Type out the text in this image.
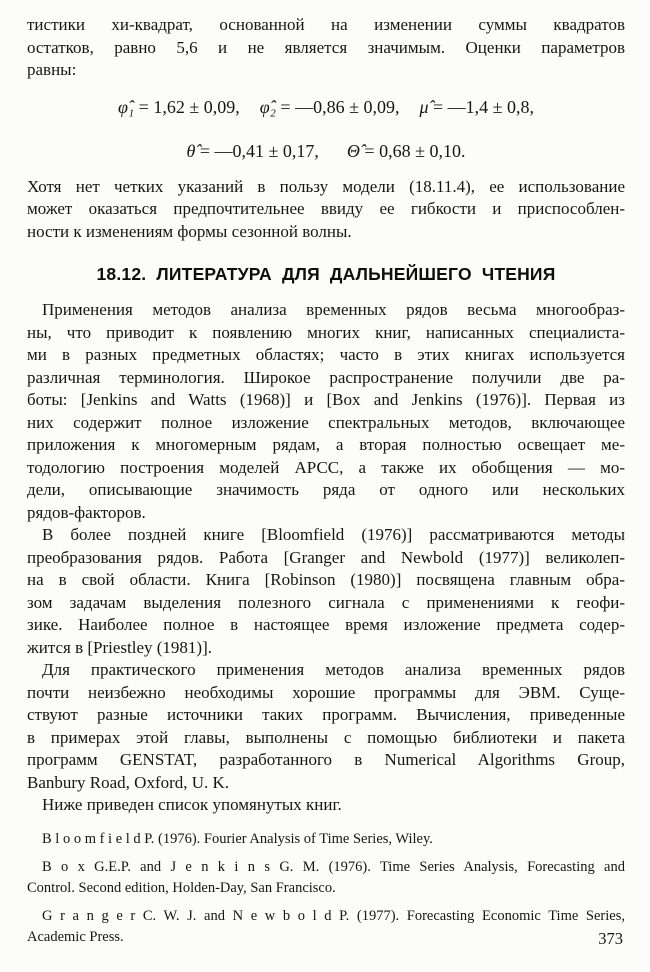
тистики хи-квадрат, основанной на изменении суммы квадратов
остатков, равно 5,6 и не является значимым. Оценки параметров
равны:
φ̂₁ = 1,62 ± 0,09, φ̂₂ = —0,86 ± 0,09, μ̂ = —1,4 ± 0,8,
θ̂ = —0,41 ± 0,17, Θ̂ = 0,68 ± 0,10.
Хотя нет четких указаний в пользу модели (18.11.4), ее использование
может оказаться предпочтительнее ввиду ее гибкости и приспособлен-
ности к изменениям формы сезонной волны.
18.12. ЛИТЕРАТУРА ДЛЯ ДАЛЬНЕЙШЕГО ЧТЕНИЯ
Применения методов анализа временных рядов весьма многообраз-
ны, что приводит к появлению многих книг, написанных специалиста-
ми в разных предметных областях; часто в этих книгах используется
различная терминология. Широкое распространение получили две ра-
боты: [Jenkins and Watts (1968)] и [Box and Jenkins (1976)]. Первая из
них содержит полное изложение спектральных методов, включающее
приложения к многомерным рядам, а вторая полностью освещает ме-
тодологию построения моделей АРСС, а также их обобщения — мо-
дели, описывающие значимость ряда от одного или нескольких
рядов-факторов.
В более поздней книге [Bloomfield (1976)] рассматриваются методы
преобразования рядов. Работа [Granger and Newbold (1977)] великолеп-
на в свой области. Книга [Robinson (1980)] посвящена главным обра-
зом задачам выделения полезного сигнала с применениями к геофи-
зике. Наиболее полное в настоящее время изложение предмета содер-
жится в [Priestley (1981)].
Для практического применения методов анализа временных рядов
почти неизбежно необходимы хорошие программы для ЭВМ. Суще-
ствуют разные источники таких программ. Вычисления, приведенные
в примерах этой главы, выполнены с помощью библиотеки и пакета
программ GENSTAT, разработанного в Numerical Algorithms Group,
Banbury Road, Oxford, U. K.
Ниже приведен список упомянутых книг.
B l o o m f i e l d P. (1976). Fourier Analysis of Time Series, Wiley.
B o x G.E.P. and J e n k i n s G. M. (1976). Time Series Analysis, Forecasting and
Control. Second edition, Holden-Day, San Francisco.
G r a n g e r C. W. J. and N e w b o l d P. (1977). Forecasting Economic Time Series,
Academic Press.	373
